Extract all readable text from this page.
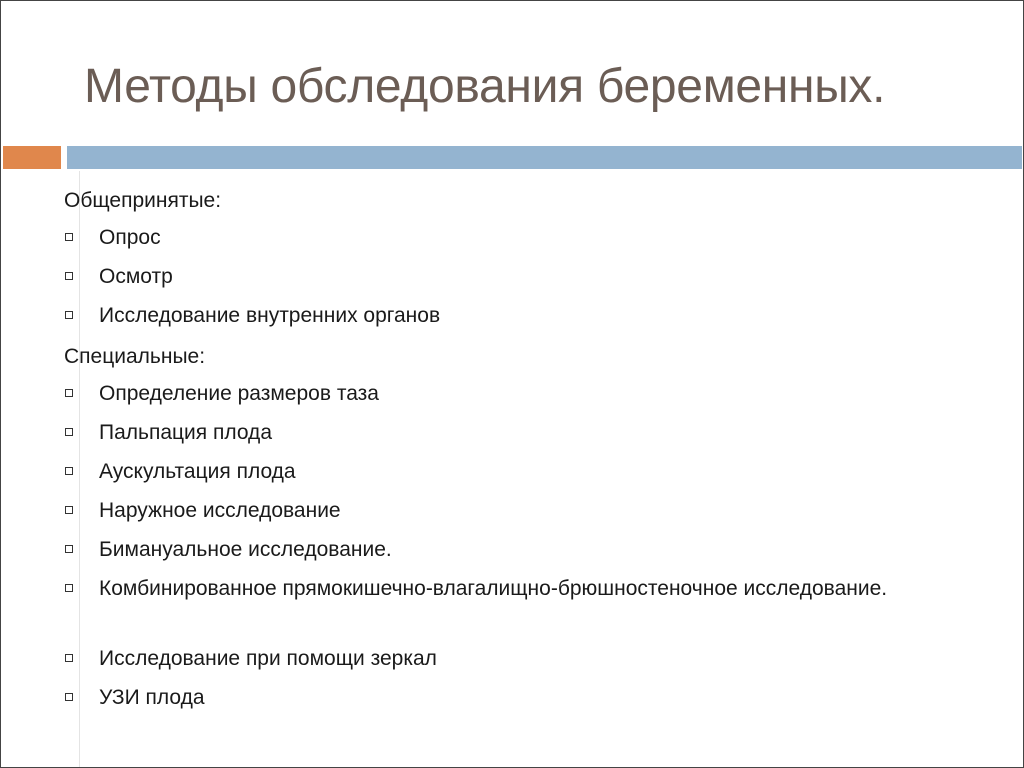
Методы обследования беременных.
Общепринятые:
Опрос
Осмотр
Исследование внутренних органов
Специальные:
Определение размеров таза
Пальпация плода
Аускультация плода
Наружное исследование
Бимануальное исследование.
Комбинированное прямокишечно-влагалищно-брюшностеночное исследование.
Исследование при помощи зеркал
УЗИ плода
